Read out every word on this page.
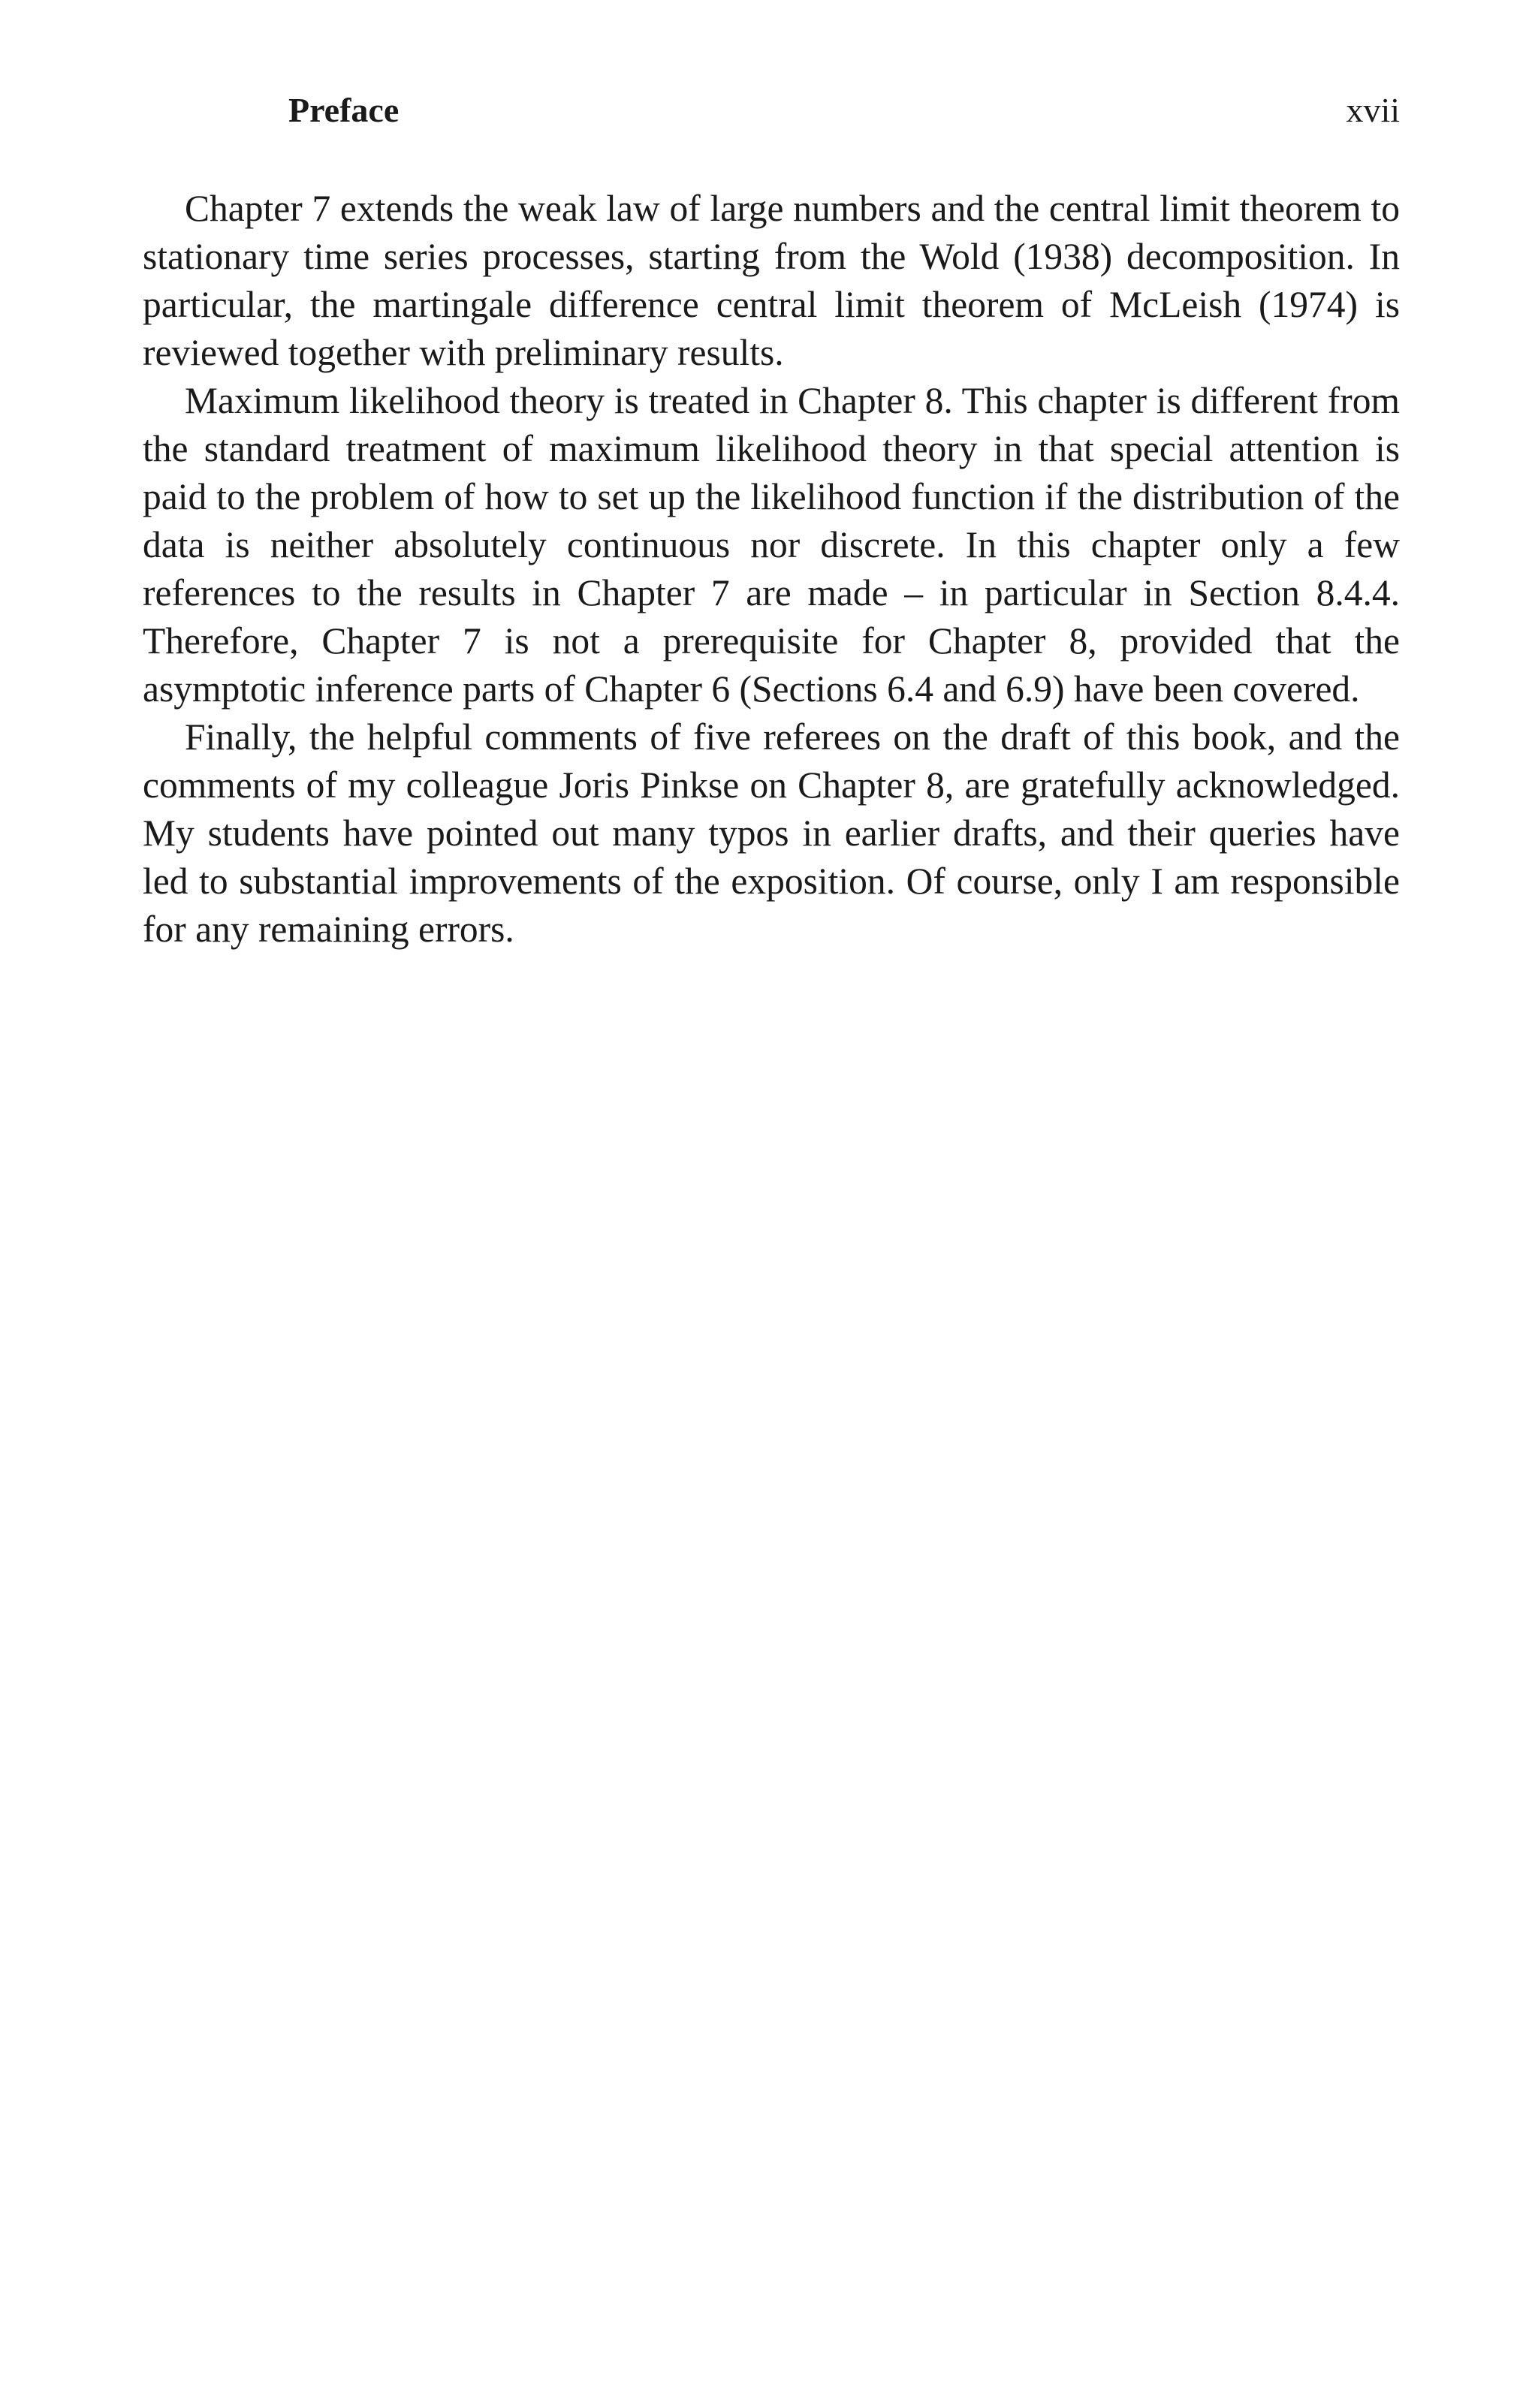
Preface	xvii

Chapter 7 extends the weak law of large numbers and the central limit theorem to stationary time series processes, starting from the Wold (1938) decomposition. In particular, the martingale difference central limit theorem of McLeish (1974) is reviewed together with preliminary results.

Maximum likelihood theory is treated in Chapter 8. This chapter is different from the standard treatment of maximum likelihood theory in that special attention is paid to the problem of how to set up the likelihood function if the distribution of the data is neither absolutely continuous nor discrete. In this chapter only a few references to the results in Chapter 7 are made – in particular in Section 8.4.4. Therefore, Chapter 7 is not a prerequisite for Chapter 8, provided that the asymptotic inference parts of Chapter 6 (Sections 6.4 and 6.9) have been covered.

Finally, the helpful comments of five referees on the draft of this book, and the comments of my colleague Joris Pinkse on Chapter 8, are gratefully acknowledged. My students have pointed out many typos in earlier drafts, and their queries have led to substantial improvements of the exposition. Of course, only I am responsible for any remaining errors.
